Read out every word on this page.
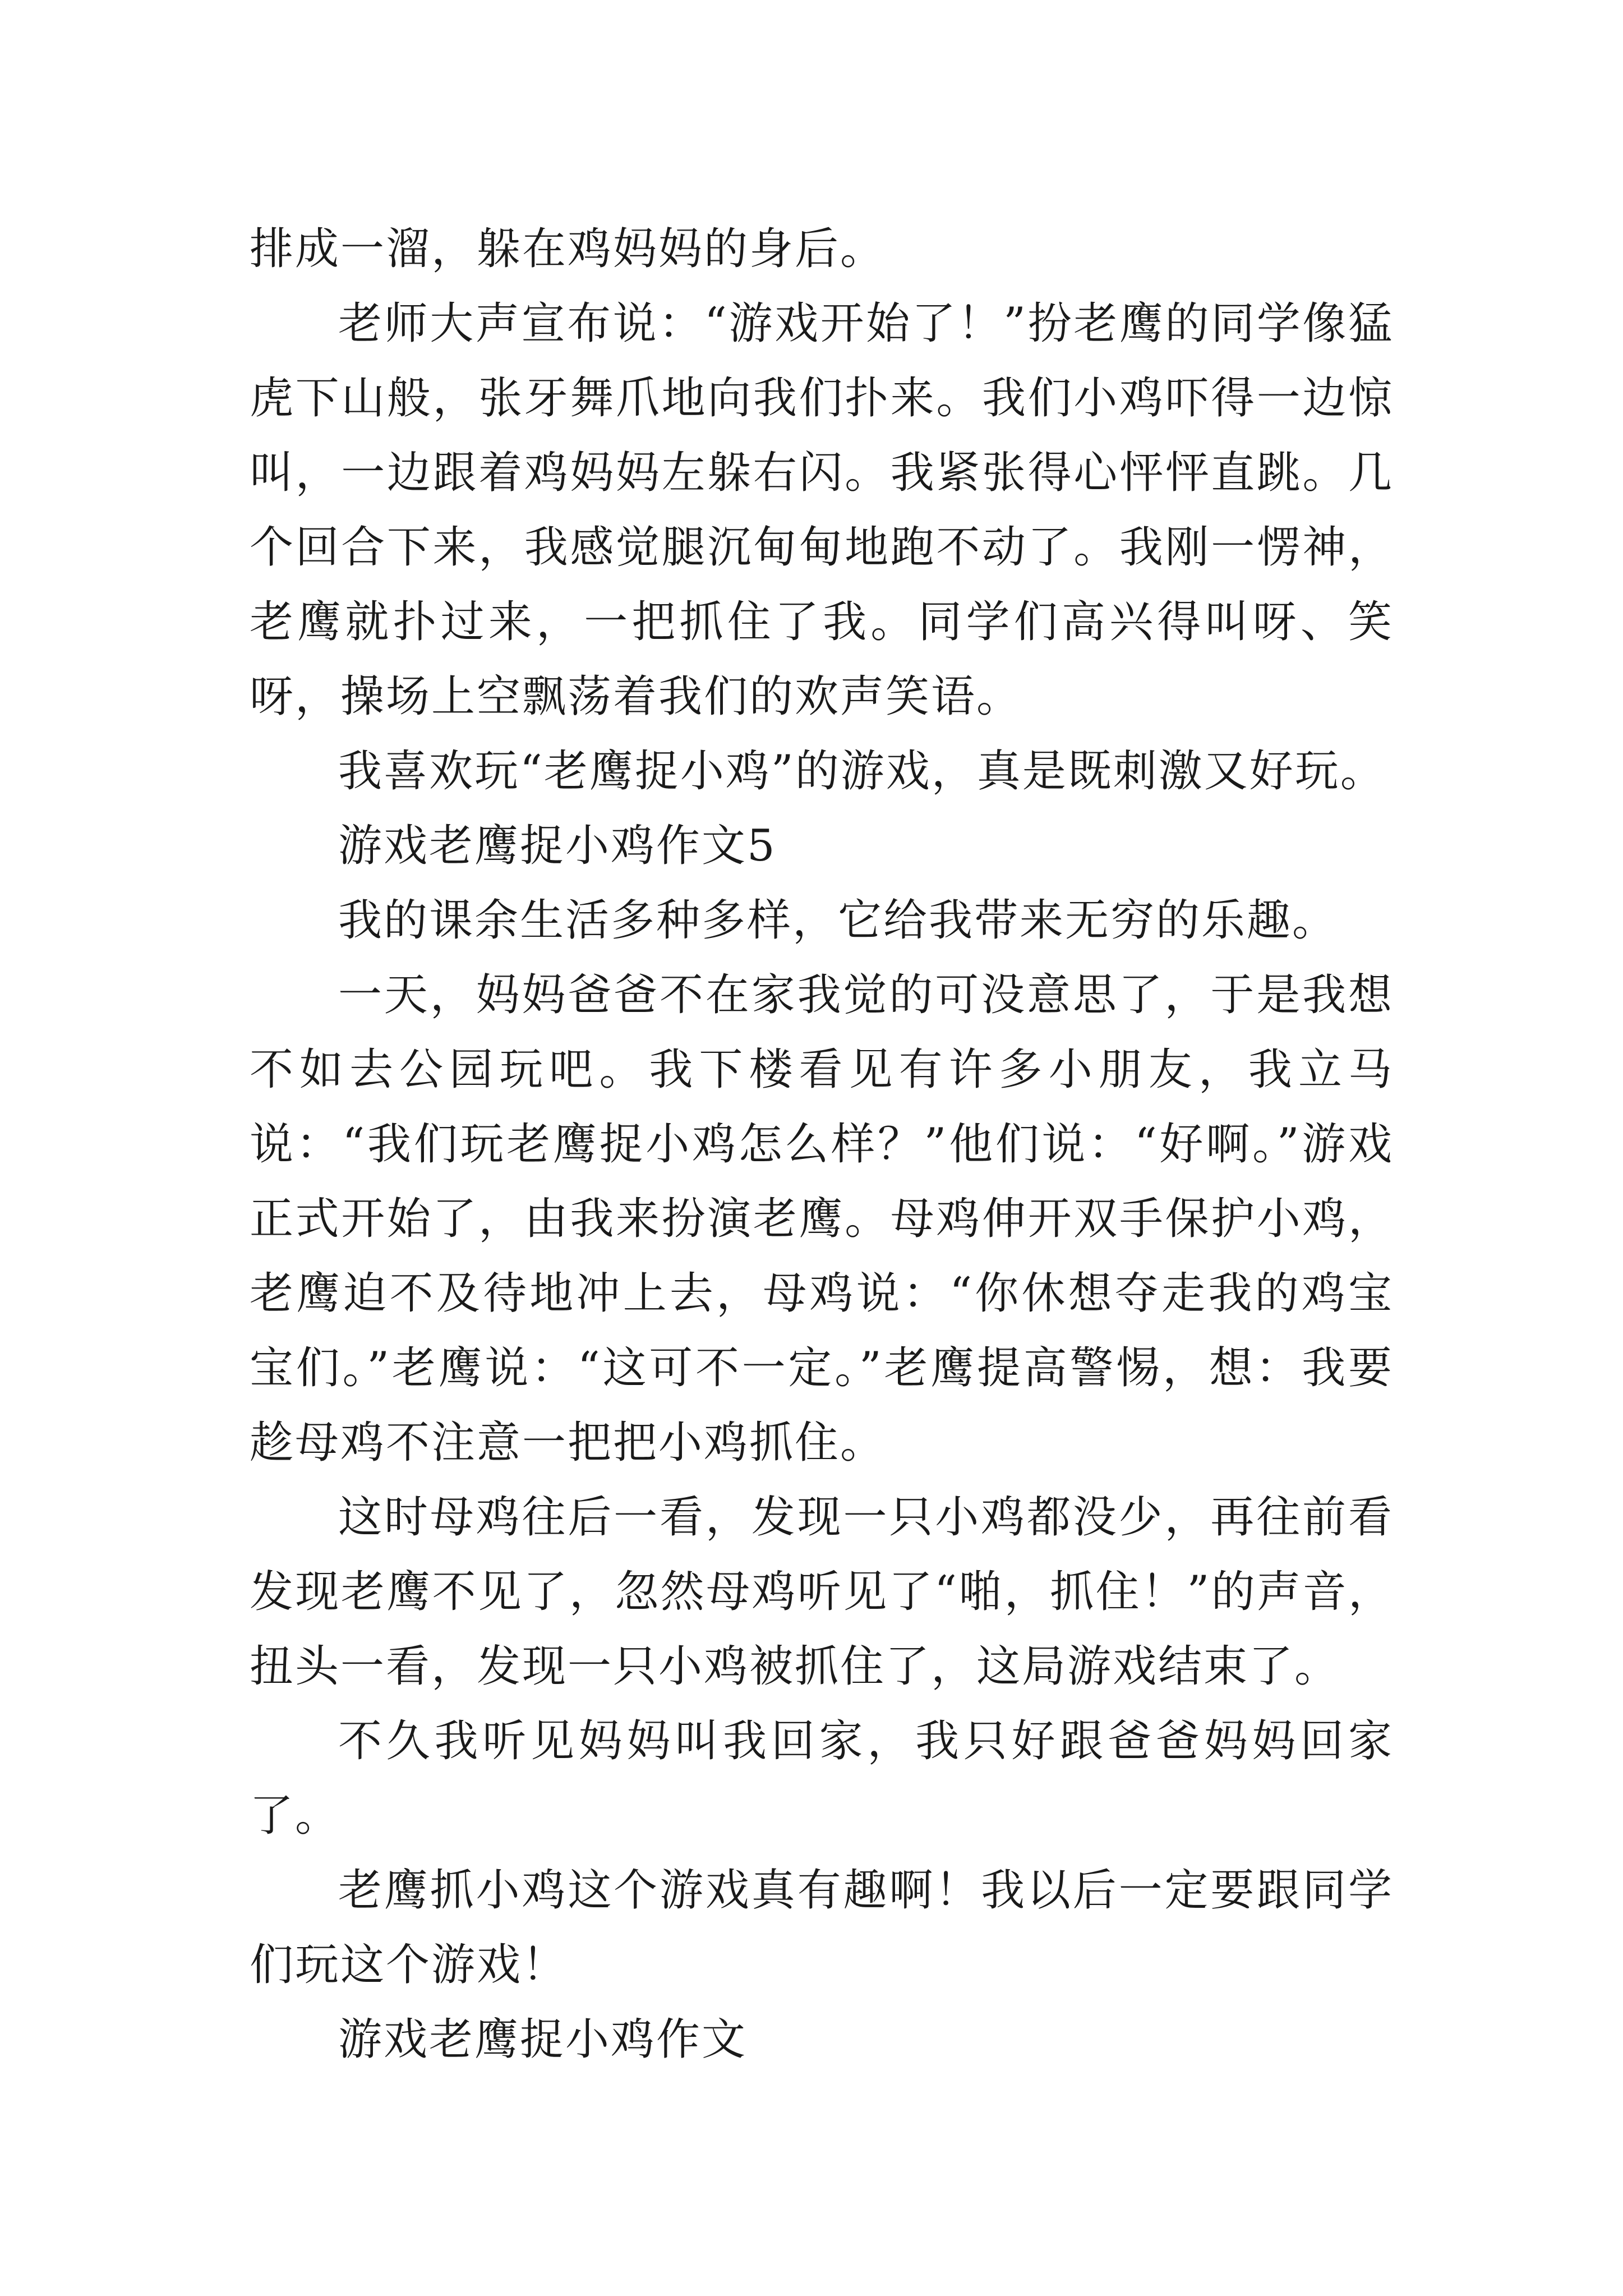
排成一溜，躲在鸡妈妈的身后。

老师大声宣布说：“游戏开始了！”扮老鹰的同学像猛虎下山般，张牙舞爪地向我们扑来。我们小鸡吓得一边惊叫，一边跟着鸡妈妈左躲右闪。我紧张得心怦怦直跳。几个回合下来，我感觉腿沉甸甸地跑不动了。我刚一愣神，老鹰就扑过来，一把抓住了我。同学们高兴得叫呀、笑呀，操场上空飘荡着我们的欢声笑语。

我喜欢玩“老鹰捉小鸡”的游戏，真是既刺激又好玩。

游戏老鹰捉小鸡作文5

我的课余生活多种多样，它给我带来无穷的乐趣。

一天，妈妈爸爸不在家我觉的可没意思了，于是我想不如去公园玩吧。我下楼看见有许多小朋友，我立马说：“我们玩老鹰捉小鸡怎么样？”他们说：“好啊。”游戏正式开始了，由我来扮演老鹰。母鸡伸开双手保护小鸡，老鹰迫不及待地冲上去，母鸡说：“你休想夺走我的鸡宝宝们。”老鹰说：“这可不一定。”老鹰提高警惕，想：我要趁母鸡不注意一把把小鸡抓住。

这时母鸡往后一看，发现一只小鸡都没少，再往前看发现老鹰不见了，忽然母鸡听见了“啪，抓住！”的声音，扭头一看，发现一只小鸡被抓住了，这局游戏结束了。

不久我听见妈妈叫我回家，我只好跟爸爸妈妈回家了。

老鹰抓小鸡这个游戏真有趣啊！我以后一定要跟同学们玩这个游戏！

游戏老鹰捉小鸡作文
